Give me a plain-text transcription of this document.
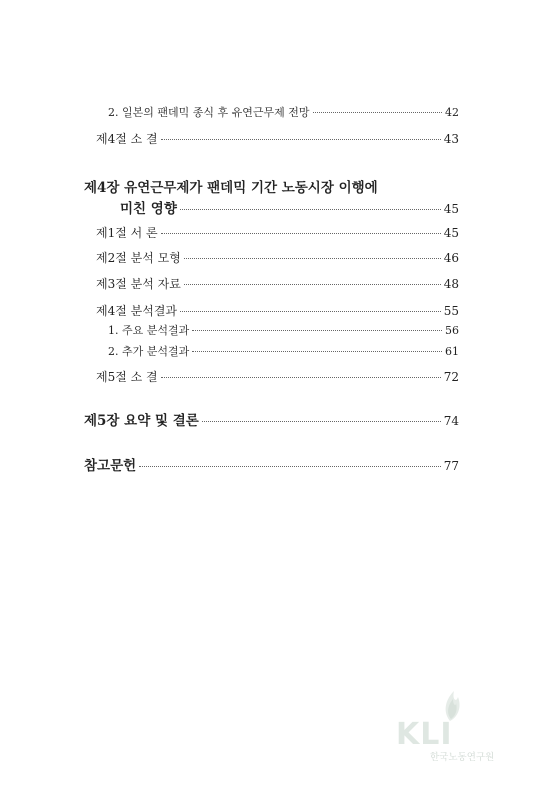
2. 일본의 팬데믹 종식 후 유연근무제 전망	42
제4절 소 결	43
제4장 유연근무제가 팬데믹 기간 노동시장 이행에
미친 영향	45
제1절 서 론	45
제2절 분석 모형	46
제3절 분석 자료	48
제4절 분석결과	55
1. 주요 분석결과	56
2. 추가 분석결과	61
제5절 소 결	72
제5장 요약 및 결론	74
참고문헌	77
KLI
한국노동연구원
